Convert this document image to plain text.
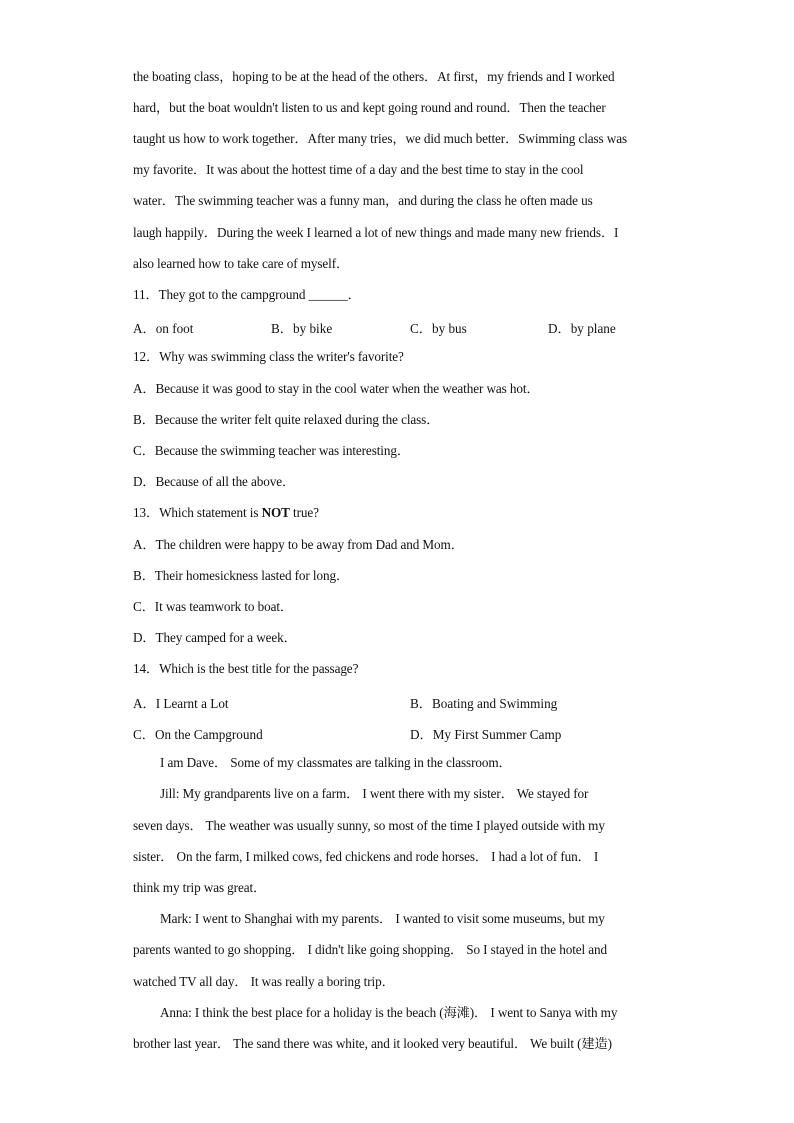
the boating class，hoping to be at the head of the others．At first，my friends and I worked
hard，but the boat wouldn't listen to us and kept going round and round．Then the teacher
taught us how to work together．After many tries，we did much better．Swimming class was
my favorite．It was about the hottest time of a day and the best time to stay in the cool
water．The swimming teacher was a funny man，and during the class he often made us
laugh happily．During the week I learned a lot of new things and made many new friends．I
also learned how to take care of myself．
11．They got to the campground ______．
A．on foot	B．by bike	C．by bus	D．by plane
12．Why was swimming class the writer's favorite?
A．Because it was good to stay in the cool water when the weather was hot．
B．Because the writer felt quite relaxed during the class．
C．Because the swimming teacher was interesting．
D．Because of all the above．
13．Which statement is NOT true?
A．The children were happy to be away from Dad and Mom．
B．Their homesickness lasted for long．
C．It was teamwork to boat．
D．They camped for a week．
14．Which is the best title for the passage?
A．I Learnt a Lot	B．Boating and Swimming
C．On the Campground	D．My First Summer Camp
I am Dave． Some of my classmates are talking in the classroom．
Jill: My grandparents live on a farm． I went there with my sister． We stayed for
seven days． The weather was usually sunny, so most of the time I played outside with my
sister． On the farm, I milked cows, fed chickens and rode horses． I had a lot of fun． I
think my trip was great．
Mark: I went to Shanghai with my parents． I wanted to visit some museums, but my
parents wanted to go shopping． I didn't like going shopping． So I stayed in the hotel and
watched TV all day． It was really a boring trip．
Anna: I think the best place for a holiday is the beach (海滩)． I went to Sanya with my
brother last year． The sand there was white, and it looked very beautiful． We built (建造)
